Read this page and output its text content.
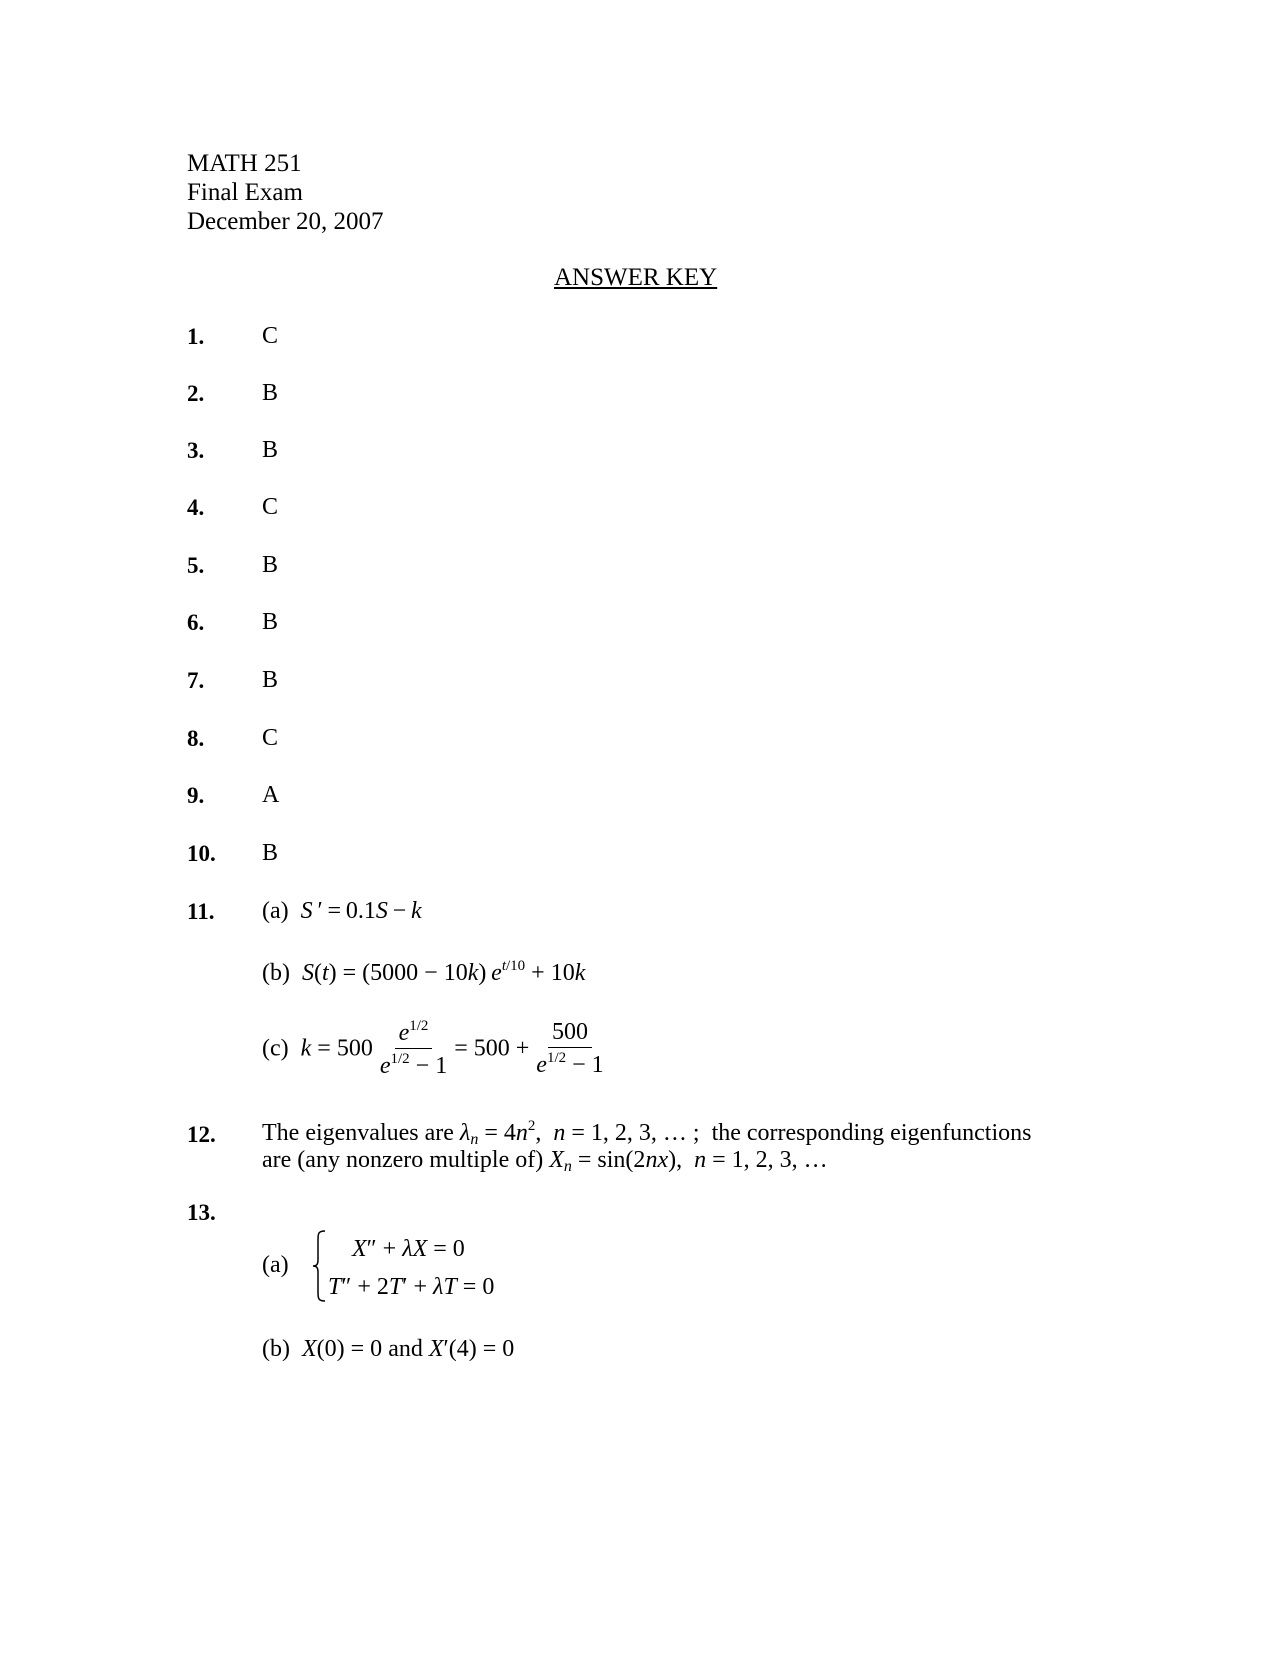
MATH 251
Final Exam
December 20, 2007
ANSWER KEY
1. C
2. B
3. B
4. C
5. B
6. B
7. B
8. C
9. A
10. B
11. (a) S ′ = 0.1S − k
(b) S(t) = (5000 − 10k) $e^{t/10} + 10k$
(c) $k = 500 \frac{e^{1/2}}{e^{1/2} - 1} = 500 + \frac{500}{e^{1/2} - 1}$
12. The eigenvalues are $\lambda_n = 4n^2$,  n = 1, 2, 3, … ;  the corresponding eigenfunctions
are (any nonzero multiple of) $X_n = \sin(2nx)$,  n = 1, 2, 3, …
13.
(a)
X″ + λX = 0
T″ + 2T′ + λT = 0
(b) X(0) = 0 and X′(4) = 0
